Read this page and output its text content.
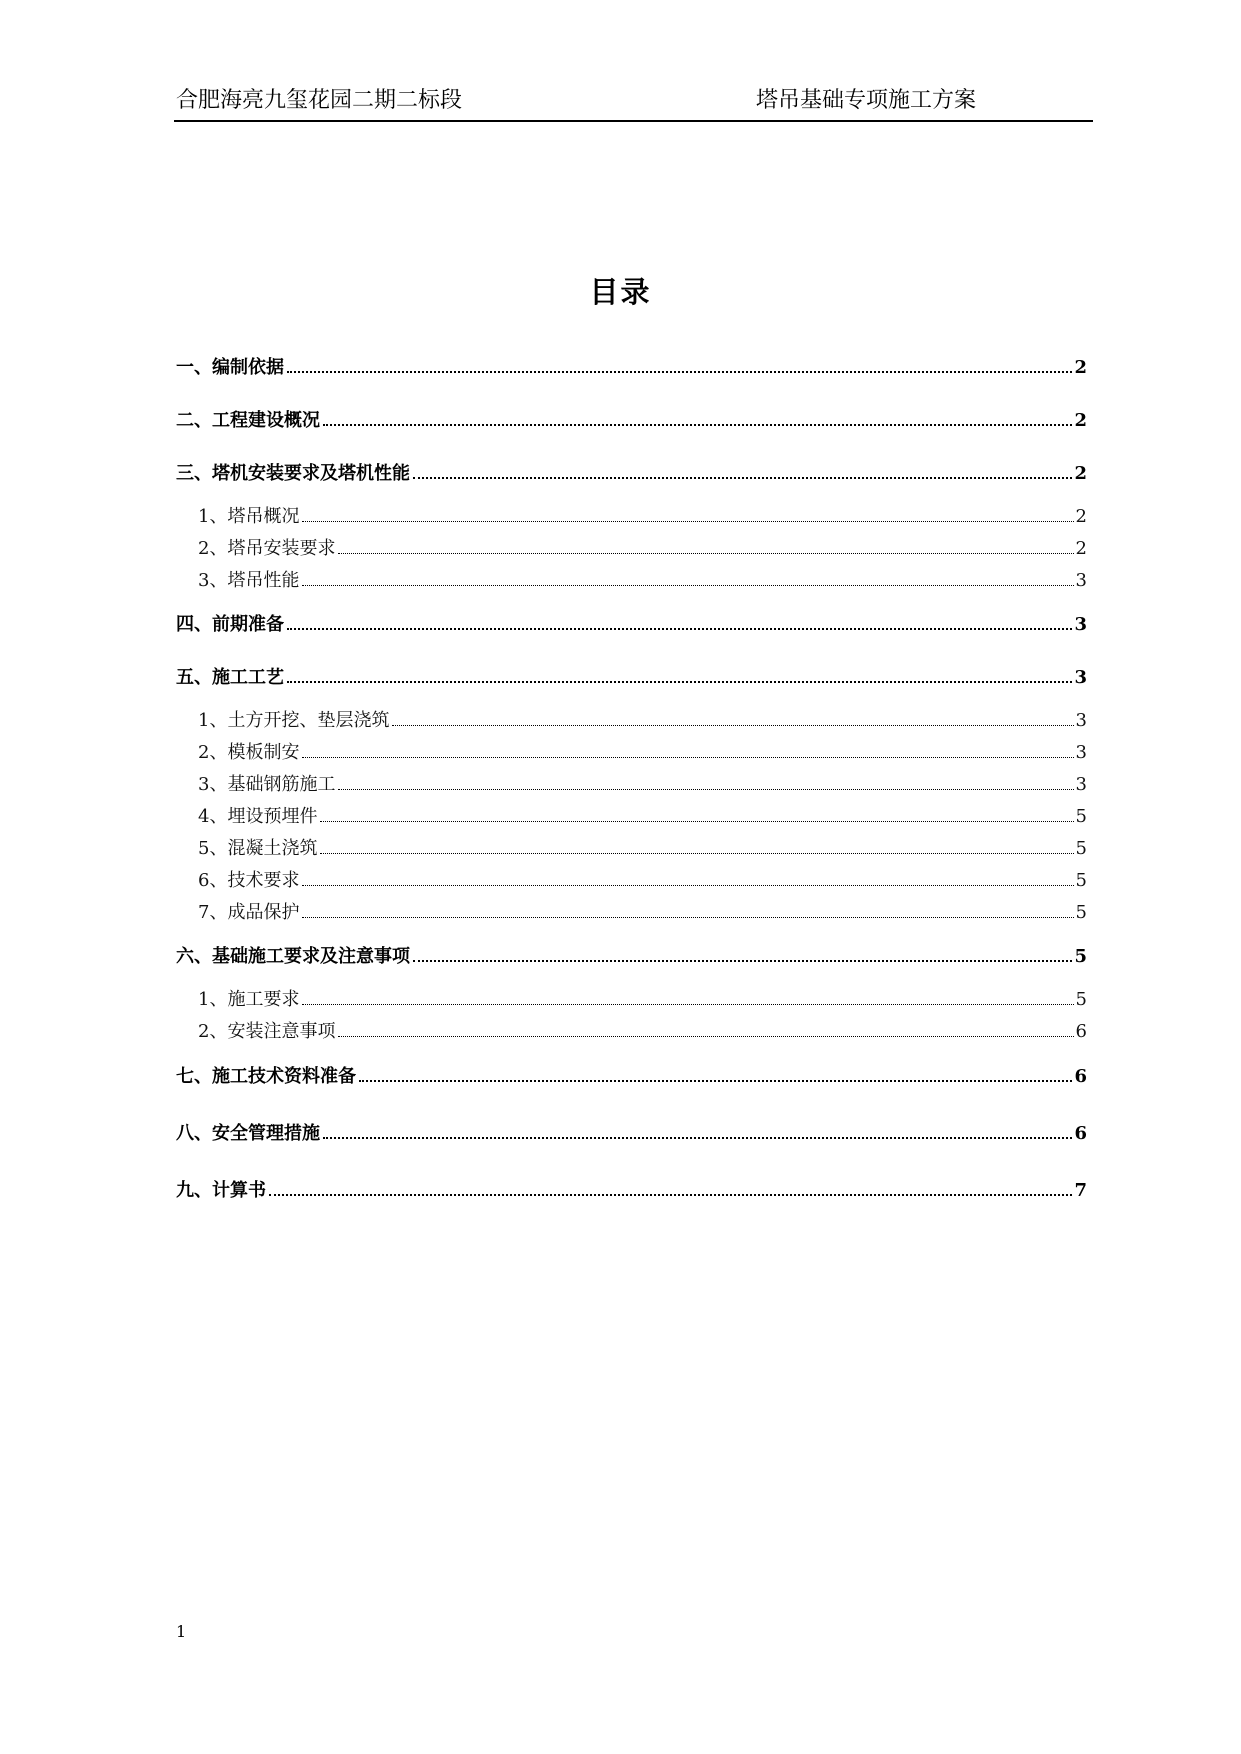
合肥海亮九玺花园二期二标段	塔吊基础专项施工方案
目录
一、编制依据	2
二、工程建设概况	2
三、塔机安装要求及塔机性能	2
1、塔吊概况	2
2、塔吊安装要求	2
3、塔吊性能	3
四、前期准备	3
五、施工工艺	3
1、土方开挖、垫层浇筑	3
2、模板制安	3
3、基础钢筋施工	3
4、埋设预埋件	5
5、混凝土浇筑	5
6、技术要求	5
7、成品保护	5
六、基础施工要求及注意事项	5
1、施工要求	5
2、安装注意事项	6
七、施工技术资料准备	6
八、安全管理措施	6
九、计算书	7
1
